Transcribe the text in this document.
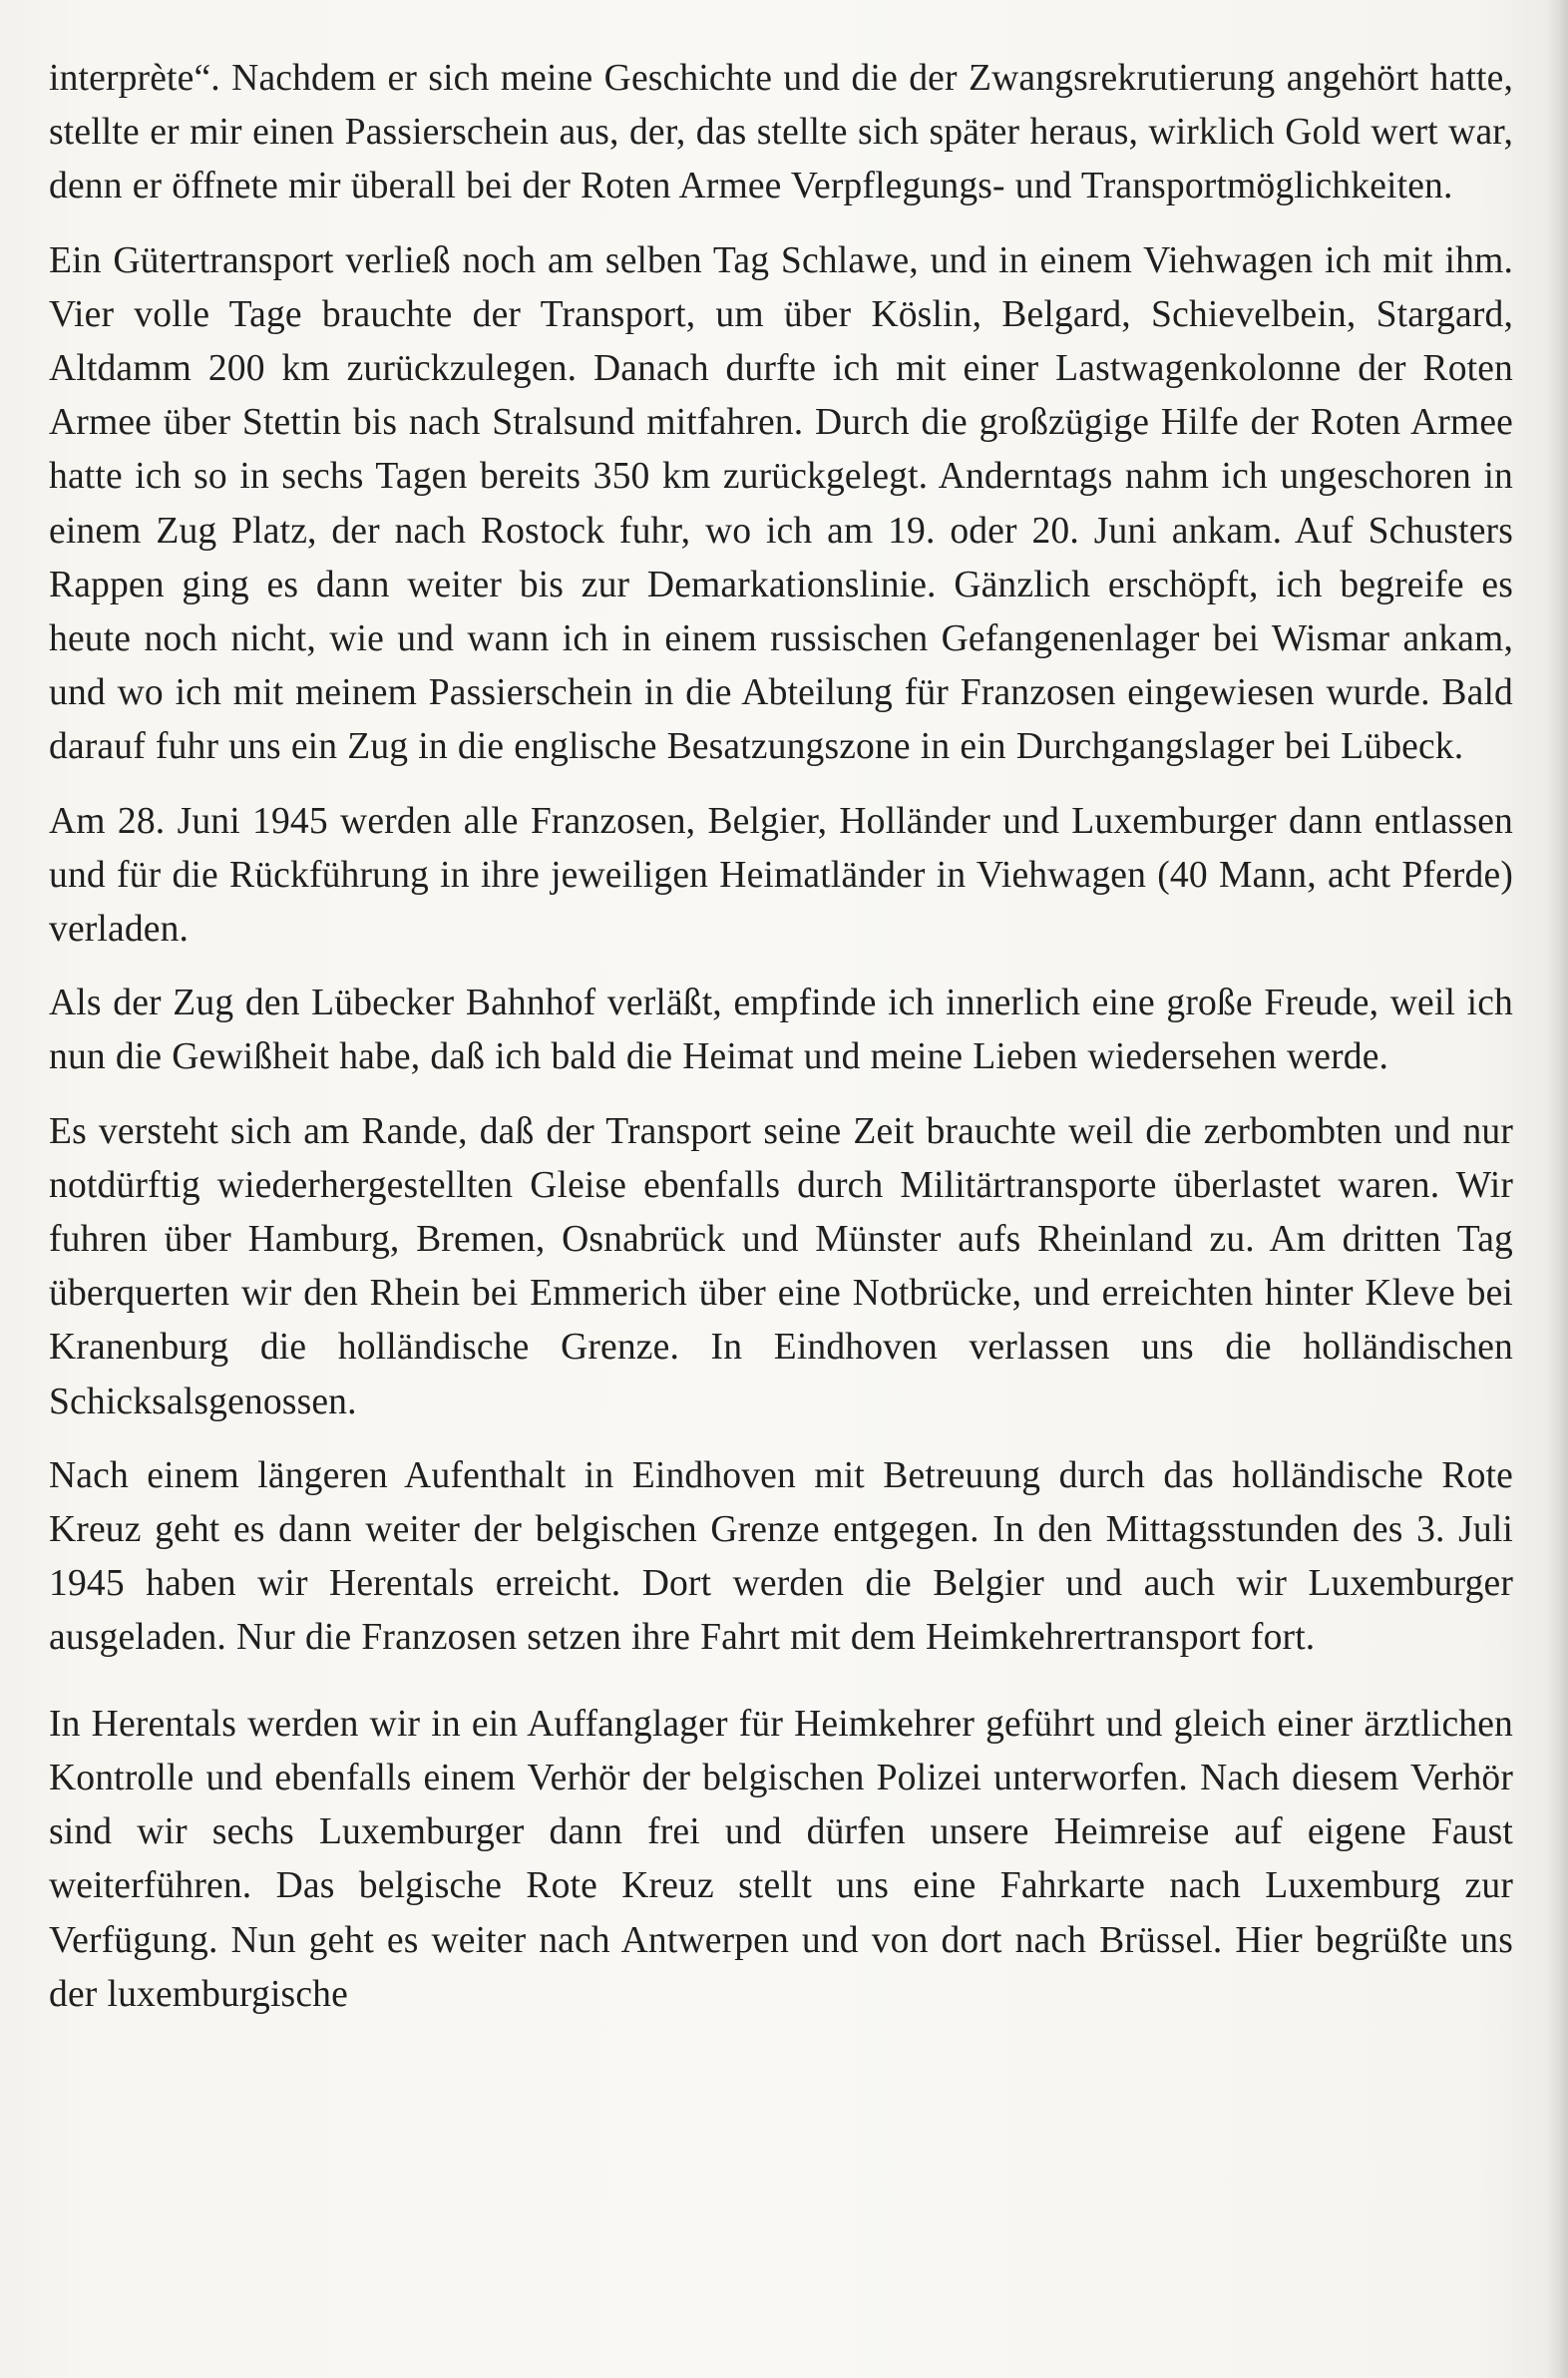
interprète“. Nachdem er sich meine Geschichte und die der Zwangsrekrutierung angehört hatte, stellte er mir einen Passierschein aus, der, das stellte sich später heraus, wirklich Gold wert war, denn er öffnete mir überall bei der Roten Armee Verpflegungs- und Transportmöglichkeiten.

Ein Gütertransport verließ noch am selben Tag Schlawe, und in einem Viehwagen ich mit ihm. Vier volle Tage brauchte der Transport, um über Köslin, Belgard, Schievelbein, Stargard, Altdamm 200 km zurückzulegen. Danach durfte ich mit einer Lastwagenkolonne der Roten Armee über Stettin bis nach Stralsund mitfahren. Durch die großzügige Hilfe der Roten Armee hatte ich so in sechs Tagen bereits 350 km zurückgelegt. Anderntags nahm ich ungeschoren in einem Zug Platz, der nach Rostock fuhr, wo ich am 19. oder 20. Juni ankam. Auf Schusters Rappen ging es dann weiter bis zur Demarkationslinie. Gänzlich erschöpft, ich begreife es heute noch nicht, wie und wann ich in einem russischen Gefangenenlager bei Wismar ankam, und wo ich mit meinem Passierschein in die Abteilung für Franzosen eingewiesen wurde. Bald darauf fuhr uns ein Zug in die englische Besatzungszone in ein Durchgangslager bei Lübeck.

Am 28. Juni 1945 werden alle Franzosen, Belgier, Holländer und Luxemburger dann entlassen und für die Rückführung in ihre jeweiligen Heimatländer in Viehwagen (40 Mann, acht Pferde) verladen.

Als der Zug den Lübecker Bahnhof verläßt, empfinde ich innerlich eine große Freude, weil ich nun die Gewißheit habe, daß ich bald die Heimat und meine Lieben wiedersehen werde.

Es versteht sich am Rande, daß der Transport seine Zeit brauchte weil die zerbombten und nur notdürftig wiederhergestellten Gleise ebenfalls durch Militärtransporte überlastet waren. Wir fuhren über Hamburg, Bremen, Osnabrück und Münster aufs Rheinland zu. Am dritten Tag überquerten wir den Rhein bei Emmerich über eine Notbrücke, und erreichten hinter Kleve bei Kranenburg die holländische Grenze. In Eindhoven verlassen uns die holländischen Schicksalsgenossen.

Nach einem längeren Aufenthalt in Eindhoven mit Betreuung durch das holländische Rote Kreuz geht es dann weiter der belgischen Grenze entgegen. In den Mittagsstunden des 3. Juli 1945 haben wir Herentals erreicht. Dort werden die Belgier und auch wir Luxemburger ausgeladen. Nur die Franzosen setzen ihre Fahrt mit dem Heimkehrertransport fort.

In Herentals werden wir in ein Auffanglager für Heimkehrer geführt und gleich einer ärztlichen Kontrolle und ebenfalls einem Verhör der belgischen Polizei unterworfen. Nach diesem Verhör sind wir sechs Luxemburger dann frei und dürfen unsere Heimreise auf eigene Faust weiterführen. Das belgische Rote Kreuz stellt uns eine Fahrkarte nach Luxemburg zur Verfügung. Nun geht es weiter nach Antwerpen und von dort nach Brüssel. Hier begrüßte uns der luxemburgische
